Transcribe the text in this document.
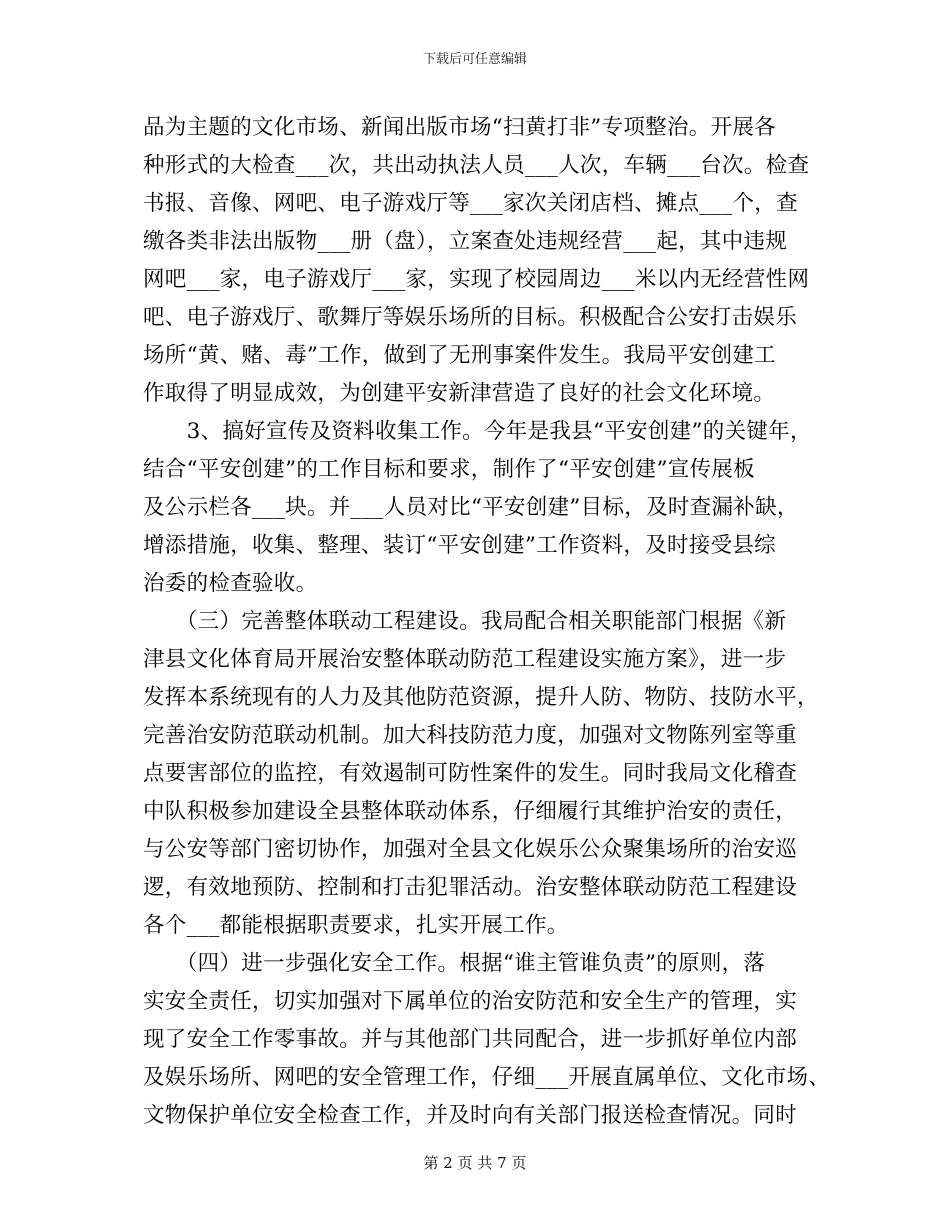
下载后可任意编辑
品为主题的文化市场、新闻出版市场“扫黄打非”专项整治。开展各
种形式的大检查___次，共出动执法人员___人次，车辆___台次。检查
书报、音像、网吧、电子游戏厅等___家次关闭店档、摊点___个，查
缴各类非法出版物___册（盘），立案查处违规经营___起，其中违规
网吧___家，电子游戏厅___家，实现了校园周边___米以内无经营性网
吧、电子游戏厅、歌舞厅等娱乐场所的目标。积极配合公安打击娱乐
场所“黄、赌、毒”工作，做到了无刑事案件发生。我局平安创建工
作取得了明显成效，为创建平安新津营造了良好的社会文化环境。
　　3、搞好宣传及资料收集工作。今年是我县“平安创建”的关键年，
结合“平安创建”的工作目标和要求，制作了“平安创建”宣传展板
及公示栏各___块。并___人员对比“平安创建”目标，及时查漏补缺，
增添措施，收集、整理、装订“平安创建”工作资料，及时接受县综
治委的检查验收。
　　（三）完善整体联动工程建设。我局配合相关职能部门根据《新
津县文化体育局开展治安整体联动防范工程建设实施方案》，进一步
发挥本系统现有的人力及其他防范资源，提升人防、物防、技防水平，
完善治安防范联动机制。加大科技防范力度，加强对文物陈列室等重
点要害部位的监控，有效遏制可防性案件的发生。同时我局文化稽查
中队积极参加建设全县整体联动体系，仔细履行其维护治安的责任，
与公安等部门密切协作，加强对全县文化娱乐公众聚集场所的治安巡
逻，有效地预防、控制和打击犯罪活动。治安整体联动防范工程建设
各个___都能根据职责要求，扎实开展工作。
　　（四）进一步强化安全工作。根据“谁主管谁负责”的原则，落
实安全责任，切实加强对下属单位的治安防范和安全生产的管理，实
现了安全工作零事故。并与其他部门共同配合，进一步抓好单位内部
及娱乐场所、网吧的安全管理工作，仔细___开展直属单位、文化市场、
文物保护单位安全检查工作，并及时向有关部门报送检查情况。同时
第 2 页 共 7 页
